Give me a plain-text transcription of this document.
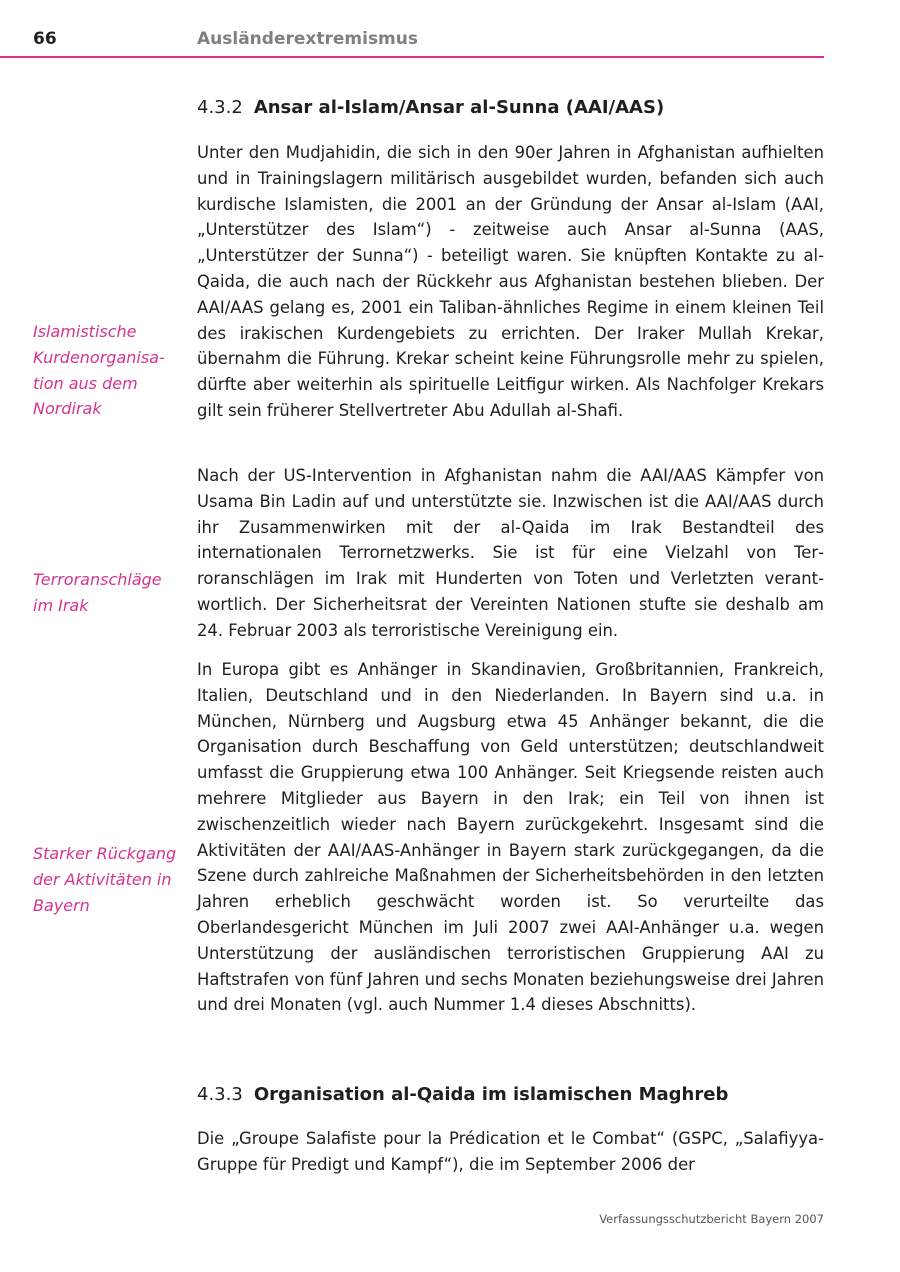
66	Ausländerextremismus
4.3.2 Ansar al-Islam/Ansar al-Sunna (AAI/AAS)

Unter den Mudjahidin, die sich in den 90er Jahren in Afghanistan aufhielten und in Trainingslagern militärisch ausgebildet wurden, befanden sich auch kurdische Islamisten, die 2001 an der Gründung der Ansar al-Islam (AAI, „Unterstützer des Islam“) - zeitweise auch Ansar al-Sunna (AAS, „Unterstützer der Sunna“) - beteiligt waren. Sie knüpften Kontakte zu al-Qaida, die auch nach der Rückkehr aus Afghanistan bestehen blieben. Der AAI/AAS gelang es, 2001 ein Taliban-ähnliches Regime in einem kleinen Teil des irakischen Kurdengebiets zu errichten. Der Iraker Mullah Krekar, übernahm die Führung. Krekar scheint keine Führungsrolle mehr zu spielen, dürfte aber weiterhin als spirituelle Leitfigur wirken. Als Nachfolger Krekars gilt sein früherer Stellvertreter Abu Adullah al-Shafi.

Nach der US-Intervention in Afghanistan nahm die AAI/AAS Kämpfer von Usama Bin Ladin auf und unterstützte sie. Inzwischen ist die AAI/AAS durch ihr Zusammenwirken mit der al-Qaida im Irak Bestandteil des internationalen Terrornetzwerks. Sie ist für eine Vielzahl von Terroranschlägen im Irak mit Hunderten von Toten und Verletzten verantwortlich. Der Sicherheitsrat der Vereinten Nationen stufte sie deshalb am 24. Februar 2003 als terroristische Vereinigung ein.

In Europa gibt es Anhänger in Skandinavien, Großbritannien, Frankreich, Italien, Deutschland und in den Niederlanden. In Bayern sind u.a. in München, Nürnberg und Augsburg etwa 45 Anhänger bekannt, die die Organisation durch Beschaffung von Geld unterstützen; deutschlandweit umfasst die Gruppierung etwa 100 Anhänger. Seit Kriegsende reisten auch mehrere Mitglieder aus Bayern in den Irak; ein Teil von ihnen ist zwischenzeitlich wieder nach Bayern zurückgekehrt. Insgesamt sind die Aktivitäten der AAI/AAS-Anhänger in Bayern stark zurückgegangen, da die Szene durch zahlreiche Maßnahmen der Sicherheitsbehörden in den letzten Jahren erheblich geschwächt worden ist. So verurteilte das Oberlandesgericht München im Juli 2007 zwei AAI-Anhänger u.a. wegen Unterstützung der ausländischen terroristischen Gruppierung AAI zu Haftstrafen von fünf Jahren und sechs Monaten beziehungsweise drei Jahren und drei Monaten (vgl. auch Nummer 1.4 dieses Abschnitts).

4.3.3 Organisation al-Qaida im islamischen Maghreb

Die „Groupe Salafiste pour la Prédication et le Combat“ (GSPC, „Salafiyya-Gruppe für Predigt und Kampf“), die im September 2006 der

Islamistische Kurdenorganisation aus dem Nordirak
Terroranschläge im Irak
Starker Rückgang der Aktivitäten in Bayern
Verfassungsschutzbericht Bayern 2007
